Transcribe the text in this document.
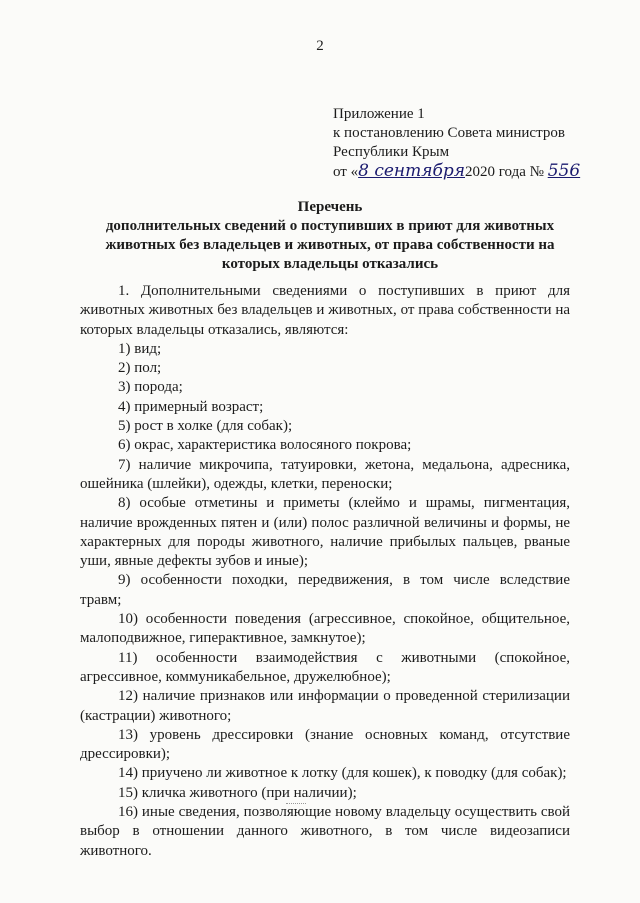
2
Приложение 1
к постановлению Совета министров
Республики Крым
от «8 сентября2020 года № 556
Перечень
дополнительных сведений о поступивших в приют для животных
животных без владельцев и животных, от права собственности на
которых владельцы отказались

1. Дополнительными сведениями о поступивших в приют для животных животных без владельцев и животных, от права собственности на которых владельцы отказались, являются:

1) вид;
2) пол;
3) порода;
4) примерный возраст;
5) рост в холке (для собак);
6) окрас, характеристика волосяного покрова;

7) наличие микрочипа, татуировки, жетона, медальона, адресника, ошейника (шлейки), одежды, клетки, переноски;

8) особые отметины и приметы (клеймо и шрамы, пигментация, наличие врожденных пятен и (или) полос различной величины и формы, не характерных для породы животного, наличие прибылых пальцев, рваные уши, явные дефекты зубов и иные);

9) особенности походки, передвижения, в том числе вследствие травм;

10) особенности поведения (агрессивное, спокойное, общительное, малоподвижное, гиперактивное, замкнутое);

11) особенности взаимодействия с животными (спокойное, агрессивное, коммуникабельное, дружелюбное);

12) наличие признаков или информации о проведенной стерилизации (кастрации) животного;

13) уровень дрессировки (знание основных команд, отсутствие дрессировки);

14) приучено ли животное к лотку (для кошек), к поводку (для собак);

15) кличка животного (при наличии);

16) иные сведения, позволяющие новому владельцу осуществить свой выбор в отношении данного животного, в том числе видеозаписи животного.
